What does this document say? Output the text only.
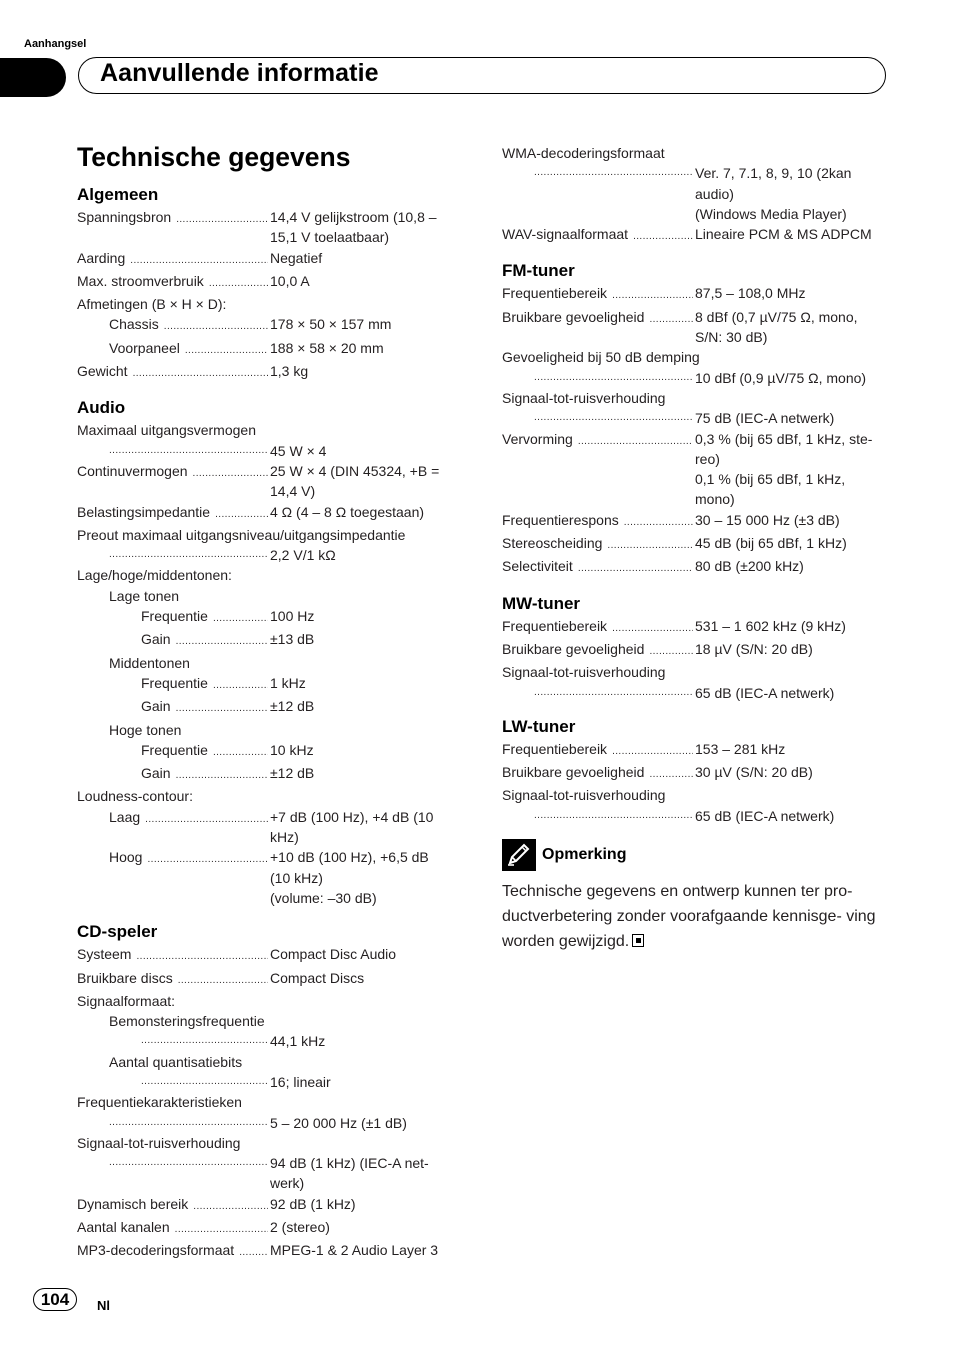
Aanhangsel
Aanvullende informatie
Technische gegevens
Algemeen
Spanningsbron .....	14,4 V gelijkstroom (10,8 –
15,1 V toelaatbaar)
Aarding .....	Negatief
Max. stroomverbruik .....	10,0 A
Afmetingen (B × H × D):
Chassis .....	178 × 50 × 157 mm
Voorpaneel .....	188 × 58 × 20 mm
Gewicht .....	1,3 kg
Audio
Maximaal uitgangsvermogen
.....
45 W × 4
Continuvermogen .....	25 W × 4 (DIN 45324, +B =
14,4 V)
Belastingsimpedantie .....	4 Ω (4 – 8 Ω toegestaan)
Preout maximaal uitgangsniveau/uitgangsimpedantie
.....
2,2 V/1 kΩ
Lage/hoge/middentonen:
Lage tonen
Frequentie .....	100 Hz
Gain .....	±13 dB
Middentonen
Frequentie .....	1 kHz
Gain .....	±12 dB
Hoge tonen
Frequentie .....	10 kHz
Gain .....	±12 dB
Loudness-contour:
Laag .....	+7 dB (100 Hz), +4 dB (10
kHz)
Hoog .....	+10 dB (100 Hz), +6,5 dB
(10 kHz)
(volume: –30 dB)
CD-speler
Systeem .....	Compact Disc Audio
Bruikbare discs .....	Compact Discs
Signaalformaat:
Bemonsteringsfrequentie
.....
44,1 kHz
Aantal quantisatiebits
.....
16; lineair
Frequentiekarakteristieken
.....
5 – 20 000 Hz (±1 dB)
Signaal-tot-ruisverhouding
.....
94 dB (1 kHz) (IEC-A net-
werk)
Dynamisch bereik .....	92 dB (1 kHz)
Aantal kanalen .....	2 (stereo)
MP3-decoderingsformaat .....	MPEG-1 & 2 Audio Layer 3
WMA-decoderingsformaat
.....
Ver. 7, 7.1, 8, 9, 10 (2kan
audio)
(Windows Media Player)
WAV-signaalformaat .....	Lineaire PCM & MS ADPCM
FM-tuner
Frequentiebereik .....	87,5 – 108,0 MHz
Bruikbare gevoeligheid .....	8 dBf (0,7 µV/75 Ω, mono,
S/N: 30 dB)
Gevoeligheid bij 50 dB demping
.....
10 dBf (0,9 µV/75 Ω, mono)
Signaal-tot-ruisverhouding
.....
75 dB (IEC-A netwerk)
Vervorming .....	0,3 % (bij 65 dBf, 1 kHz, ste-
reo)
0,1 % (bij 65 dBf, 1 kHz,
mono)
Frequentierespons .....	30 – 15 000 Hz (±3 dB)
Stereoscheiding .....	45 dB (bij 65 dBf, 1 kHz)
Selectiviteit .....	80 dB (±200 kHz)
MW-tuner
Frequentiebereik .....	531 – 1 602 kHz (9 kHz)
Bruikbare gevoeligheid .....	18 µV (S/N: 20 dB)
Signaal-tot-ruisverhouding
.....
65 dB (IEC-A netwerk)
LW-tuner
Frequentiebereik .....	153 – 281 kHz
Bruikbare gevoeligheid .....	30 µV (S/N: 20 dB)
Signaal-tot-ruisverhouding
.....
65 dB (IEC-A netwerk)
Opmerking
Technische gegevens en ontwerp kunnen ter pro- ductverbetering zonder voorafgaande kennisge- ving worden gewijzigd.
104	Nl
